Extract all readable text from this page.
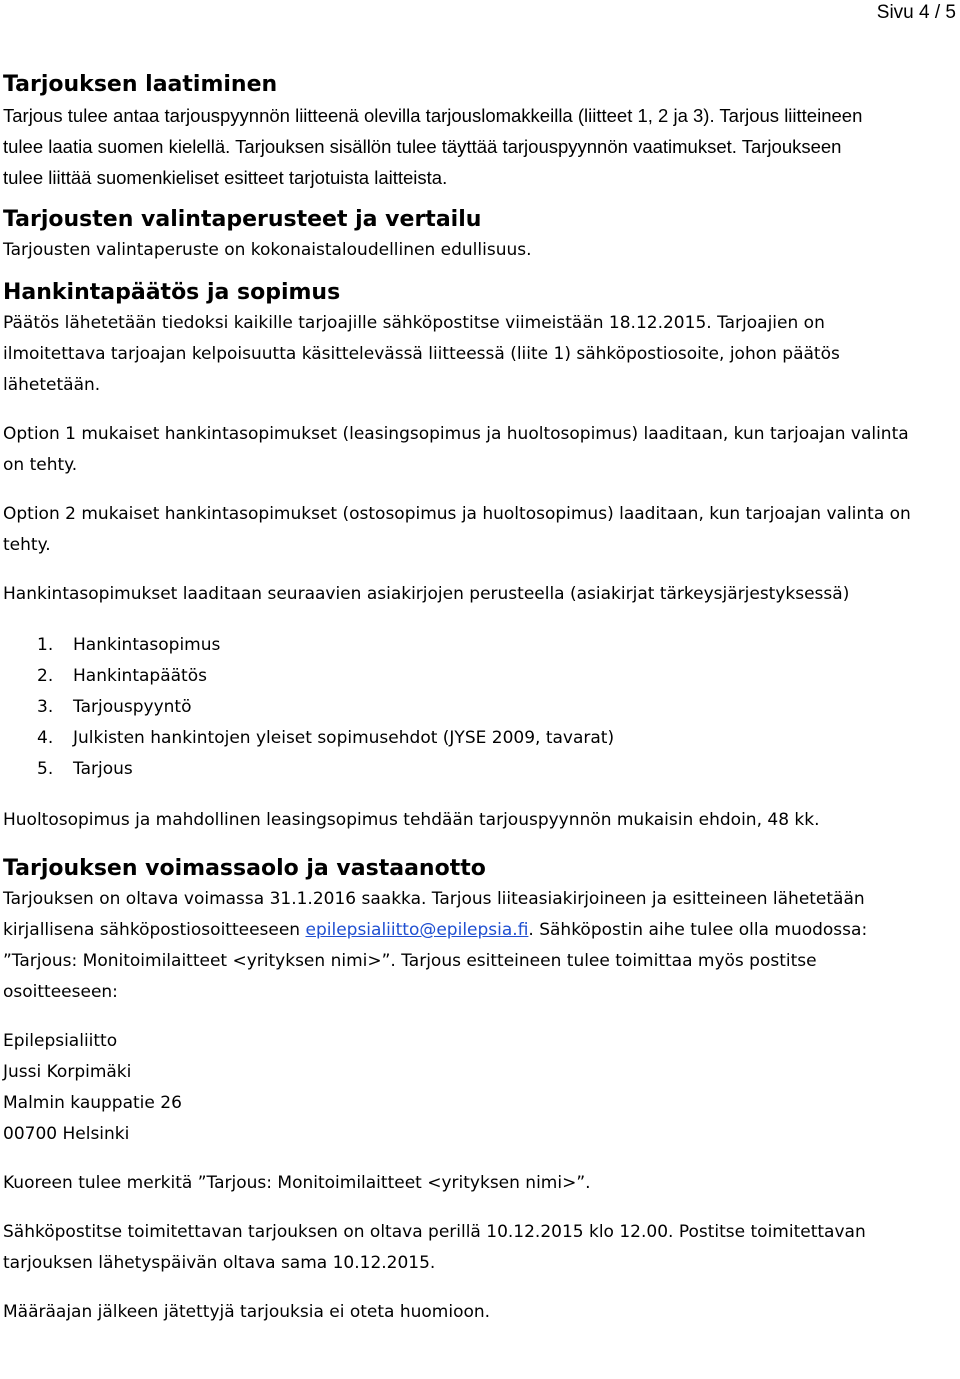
Sivu 4 / 5
Tarjouksen laatiminen

Tarjous tulee antaa tarjouspyynnön liitteenä olevilla tarjouslomakkeilla (liitteet 1, 2 ja 3). Tarjous liitteineen

tulee laatia suomen kielellä. Tarjouksen sisällön tulee täyttää tarjouspyynnön vaatimukset. Tarjoukseen

tulee liittää suomenkieliset esitteet tarjotuista laitteista.

Tarjousten valintaperusteet ja vertailu

Tarjousten valintaperuste on kokonaistaloudellinen edullisuus.

Hankintapäätös ja sopimus

Päätös lähetetään tiedoksi kaikille tarjoajille sähköpostitse viimeistään 18.12.2015. Tarjoajien on

ilmoitettava tarjoajan kelpoisuutta käsittelevässä liitteessä (liite 1) sähköpostiosoite, johon päätös

lähetetään.

Option 1 mukaiset hankintasopimukset (leasingsopimus ja huoltosopimus) laaditaan, kun tarjoajan valinta

on tehty.

Option 2 mukaiset hankintasopimukset (ostosopimus ja huoltosopimus) laaditaan, kun tarjoajan valinta on

tehty.

Hankintasopimukset laaditaan seuraavien asiakirjojen perusteella (asiakirjat tärkeysjärjestyksessä)

1. Hankintasopimus
2. Hankintapäätös
3. Tarjouspyyntö
4. Julkisten hankintojen yleiset sopimusehdot (JYSE 2009, tavarat)
5. Tarjous

Huoltosopimus ja mahdollinen leasingsopimus tehdään tarjouspyynnön mukaisin ehdoin, 48 kk.

Tarjouksen voimassaolo ja vastaanotto

Tarjouksen on oltava voimassa 31.1.2016 saakka. Tarjous liiteasiakirjoineen ja esitteineen lähetetään

kirjallisena sähköpostiosoitteeseen epilepsialiitto@epilepsia.fi. Sähköpostin aihe tulee olla muodossa:

”Tarjous: Monitoimilaitteet <yrityksen nimi>”. Tarjous esitteineen tulee toimittaa myös postitse

osoitteeseen:

Epilepsialiitto

Jussi Korpimäki

Malmin kauppatie 26

00700 Helsinki

Kuoreen tulee merkitä ”Tarjous: Monitoimilaitteet <yrityksen nimi>”.

Sähköpostitse toimitettavan tarjouksen on oltava perillä 10.12.2015 klo 12.00. Postitse toimitettavan

tarjouksen lähetyspäivän oltava sama 10.12.2015.

Määräajan jälkeen jätettyjä tarjouksia ei oteta huomioon.
